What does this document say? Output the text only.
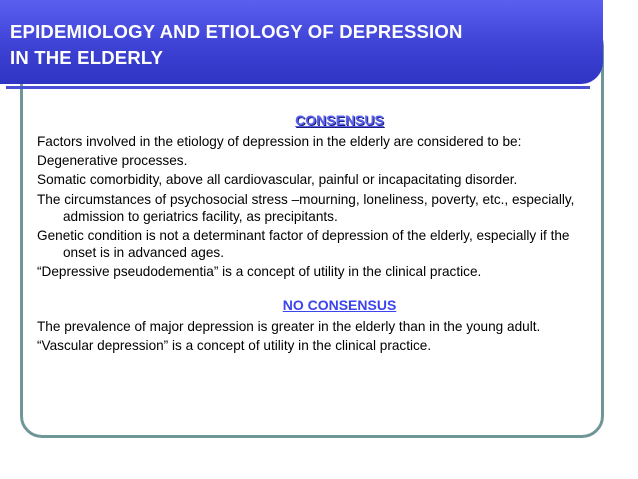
EPIDEMIOLOGY AND ETIOLOGY OF DEPRESSION
IN THE ELDERLY
CONSENSUS
Factors involved in the etiology of depression in the elderly are considered to be:
Degenerative processes.
Somatic comorbidity, above all cardiovascular, painful or incapacitating disorder.
The circumstances of psychosocial stress –mourning, loneliness, poverty, etc., especially, admission to geriatrics facility, as precipitants.
Genetic condition is not a determinant factor of depression of the elderly, especially if the onset is in advanced ages.
“Depressive pseudodementia” is a concept of utility in the clinical practice.
NO CONSENSUS
The prevalence of major depression is greater in the elderly than in the young adult.
“Vascular depression” is a concept of utility in the clinical practice.
